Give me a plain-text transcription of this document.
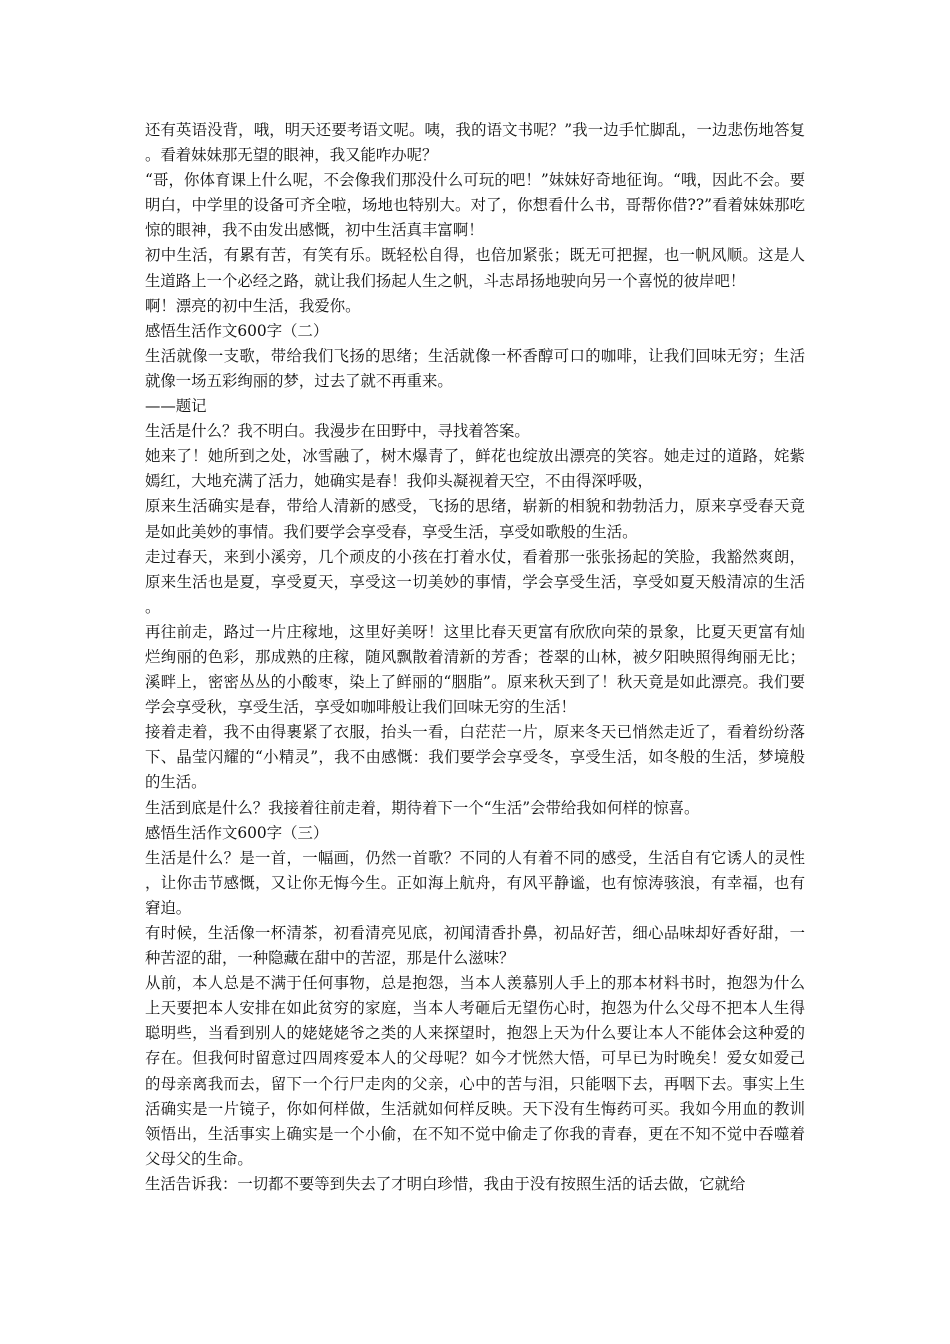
还有英语没背，哦，明天还要考语文呢。咦，我的语文书呢？”我一边手忙脚乱，一边悲伤地答复。看着妹妹那无望的眼神，我又能咋办呢？

“哥，你体育课上什么呢，不会像我们那没什么可玩的吧！”妹妹好奇地征询。“哦，因此不会。要明白，中学里的设备可齐全啦，场地也特别大。对了，你想看什么书，哥帮你借??”看着妹妹那吃惊的眼神，我不由发出感慨，初中生活真丰富啊！

初中生活，有累有苦，有笑有乐。既轻松自得，也倍加紧张；既无可把握，也一帆风顺。这是人生道路上一个必经之路，就让我们扬起人生之帆，斗志昂扬地驶向另一个喜悦的彼岸吧！

啊！漂亮的初中生活，我爱你。

感悟生活作文600字（二）

生活就像一支歌，带给我们飞扬的思绪；生活就像一杯香醇可口的咖啡，让我们回味无穷；生活就像一场五彩绚丽的梦，过去了就不再重来。

——题记

生活是什么？我不明白。我漫步在田野中，寻找着答案。

她来了！她所到之处，冰雪融了，树木爆青了，鲜花也绽放出漂亮的笑容。她走过的道路，姹紫嫣红，大地充满了活力，她确实是春！我仰头凝视着天空，不由得深呼吸，

原来生活确实是春，带给人清新的感受，飞扬的思绪，崭新的相貌和勃勃活力，原来享受春天竟是如此美妙的事情。我们要学会享受春，享受生活，享受如歌般的生活。

走过春天，来到小溪旁，几个顽皮的小孩在打着水仗，看着那一张张扬起的笑脸，我豁然爽朗，原来生活也是夏，享受夏天，享受这一切美妙的事情，学会享受生活，享受如夏天般清凉的生活。

再往前走，路过一片庄稼地，这里好美呀！这里比春天更富有欣欣向荣的景象，比夏天更富有灿烂绚丽的色彩，那成熟的庄稼，随风飘散着清新的芳香；苍翠的山林，被夕阳映照得绚丽无比；溪畔上，密密丛丛的小酸枣，染上了鲜丽的“胭脂”。原来秋天到了！秋天竟是如此漂亮。我们要学会享受秋，享受生活，享受如咖啡般让我们回味无穷的生活！

接着走着，我不由得裹紧了衣服，抬头一看，白茫茫一片，原来冬天已悄然走近了，看着纷纷落下、晶莹闪耀的“小精灵”，我不由感慨：我们要学会享受冬，享受生活，如冬般的生活，梦境般的生活。

生活到底是什么？我接着往前走着，期待着下一个“生活”会带给我如何样的惊喜。

感悟生活作文600字（三）

生活是什么？是一首，一幅画，仍然一首歌？不同的人有着不同的感受，生活自有它诱人的灵性，让你击节感慨，又让你无悔今生。正如海上航舟，有风平静谧，也有惊涛骇浪，有幸福，也有窘迫。

有时候，生活像一杯清茶，初看清亮见底，初闻清香扑鼻，初品好苦，细心品味却好香好甜，一种苦涩的甜，一种隐藏在甜中的苦涩，那是什么滋味？

从前，本人总是不满于任何事物，总是抱怨，当本人羡慕别人手上的那本材料书时，抱怨为什么上天要把本人安排在如此贫穷的家庭，当本人考砸后无望伤心时，抱怨为什么父母不把本人生得聪明些，当看到别人的姥姥姥爷之类的人来探望时，抱怨上天为什么要让本人不能体会这种爱的存在。但我何时留意过四周疼爱本人的父母呢？如今才恍然大悟，可早已为时晚矣！爱女如爱己的母亲离我而去，留下一个行尸走肉的父亲，心中的苦与泪，只能咽下去，再咽下去。事实上生活确实是一片镜子，你如何样做，生活就如何样反映。天下没有生悔药可买。我如今用血的教训领悟出，生活事实上确实是一个小偷，在不知不觉中偷走了你我的青春，更在不知不觉中吞噬着父母父的生命。

生活告诉我：一切都不要等到失去了才明白珍惜，我由于没有按照生活的话去做，它就给
